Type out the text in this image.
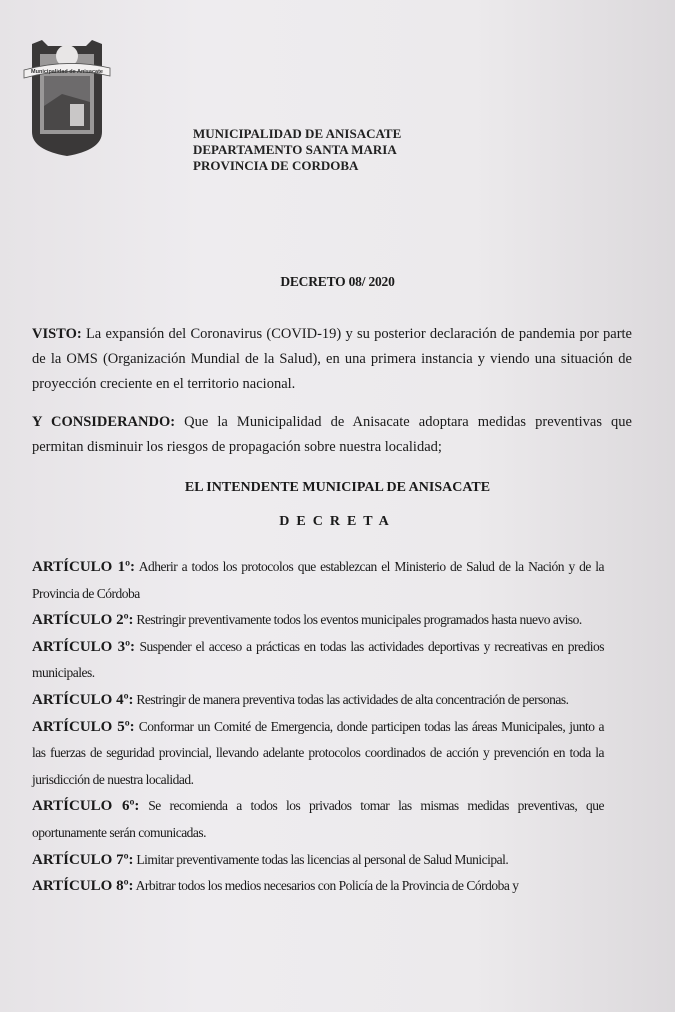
Municipalidad de Anisacate
MUNICIPALIDAD DE ANISACATE
DEPARTAMENTO SANTA MARIA
PROVINCIA DE CORDOBA
DECRETO 08/ 2020
VISTO: La expansión del Coronavirus (COVID-19) y su posterior declaración de pandemia por parte de la OMS (Organización Mundial de la Salud), en una primera instancia y viendo una situación de proyección creciente en el territorio nacional.
Y CONSIDERANDO: Que la Municipalidad de Anisacate adoptara medidas preventivas que permitan disminuir los riesgos de propagación sobre nuestra localidad;
EL INTENDENTE MUNICIPAL DE ANISACATE
DECRETA
ARTÍCULO 1º: Adherir a todos los protocolos que establezcan el Ministerio de Salud de la Nación y de la Provincia de Córdoba
ARTÍCULO 2º: Restringir preventivamente todos los eventos municipales programados hasta nuevo aviso.
ARTÍCULO 3º: Suspender el acceso a prácticas en todas las actividades deportivas y recreativas en predios municipales.
ARTÍCULO 4º: Restringir de manera preventiva todas las actividades de alta concentración de personas.
ARTÍCULO 5º: Conformar un Comité de Emergencia, donde participen todas las áreas Municipales, junto a las fuerzas de seguridad provincial, llevando adelante protocolos coordinados de acción y prevención en toda la jurisdicción de nuestra localidad.
ARTÍCULO 6º: Se recomienda a todos los privados tomar las mismas medidas preventivas, que oportunamente serán comunicadas.
ARTÍCULO 7º: Limitar preventivamente todas las licencias al personal de Salud Municipal.
ARTÍCULO 8º: Arbitrar todos los medios necesarios con Policía de la Provincia de Córdoba y
